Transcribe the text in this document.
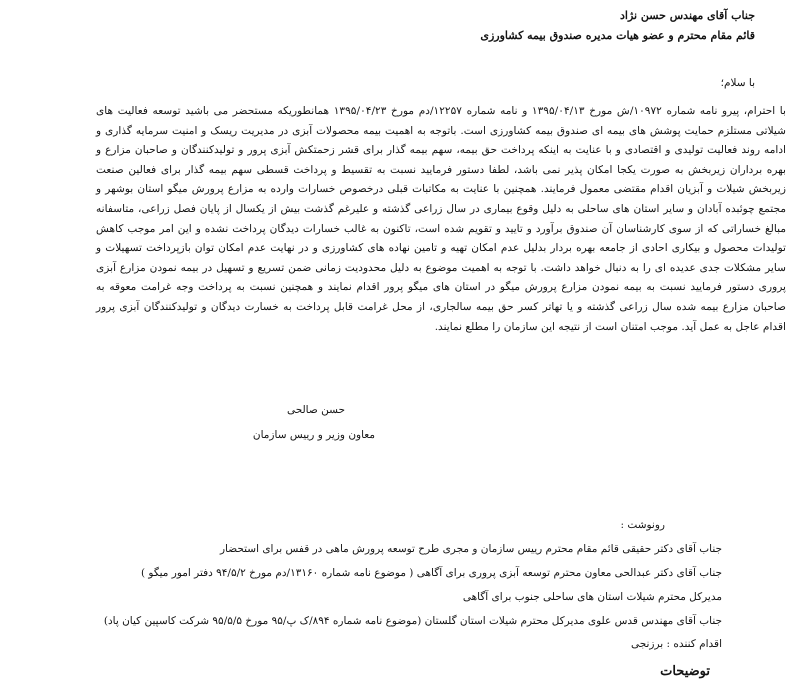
جناب آقای مهندس حسن نژاد
قائم مقام محترم و عضو هیات مدیره صندوق بیمه کشاورزی
با سلام؛
با احترام، پیرو نامه شماره ۱۰۹۷۲/ش مورخ ۱۳۹۵/۰۴/۱۳ و نامه شماره ۱۲۲۵۷/دم مورخ ۱۳۹۵/۰۴/۲۳ همانطوریکه مستحضر می باشید توسعه فعالیت های شیلاتی مستلزم حمایت پوشش های بیمه ای صندوق بیمه کشاورزی است. باتوجه به اهمیت بیمه محصولات آبزی در مدیریت ریسک و امنیت سرمایه گذاری و ادامه روند فعالیت تولیدی و اقتصادی و با عنایت به اینکه پرداخت حق بیمه، سهم بیمه گذار برای قشر زحمتکش آبزی پرور و تولیدکنندگان و صاحبان مزارع و بهره برداران زیربخش به صورت یکجا امکان پذیر نمی باشد، لطفا دستور فرمایید نسبت به تقسیط و پرداخت قسطی سهم بیمه گذار برای فعالین صنعت زیربخش شیلات و آبزیان اقدام مقتضی معمول فرمایند. همچنین با عنایت به مکاتبات قبلی درخصوص خسارات وارده به مزارع پرورش میگو استان بوشهر و مجتمع چوئبده آبادان و سایر استان های ساحلی به دلیل وقوع بیماری در سال زراعی گذشته و علیرغم گذشت بیش از یکسال از پایان فصل زراعی، متاسفانه مبالغ خساراتی که از سوی کارشناسان آن صندوق برآورد و تایید و تقویم شده است، تاکنون به غالب خسارات دیدگان پرداخت نشده و این امر موجب کاهش تولیدات محصول و بیکاری احادی از جامعه بهره بردار بدلیل عدم امکان تهیه و تامین نهاده های کشاورزی و در نهایت عدم امکان توان بازپرداخت تسهیلات و سایر مشکلات جدی عدیده ای را به دنبال خواهد داشت. با توجه به اهمیت موضوع به دلیل محدودیت زمانی ضمن تسریع و تسهیل در بیمه نمودن مزارع آبزی پروری دستور فرمایید نسبت به بیمه نمودن مزارع پرورش میگو در استان های میگو پرور اقدام نمایند و همچنین نسبت به پرداخت وجه غرامت معوقه به صاحبان مزارع بیمه شده سال زراعی گذشته و یا تهاتر کسر حق بیمه سالجاری، از محل غرامت قابل پرداخت به خسارت دیدگان و تولیدکنندگان آبزی پرور اقدام عاجل به عمل آید. موجب امتنان است از نتیجه این سازمان را مطلع نمایند.
حسن صالحی
معاون وزیر و رییس سازمان
رونوشت :
جناب آقای دکتر حقیقی قائم مقام محترم رییس سازمان و مجری طرح توسعه پرورش ماهی در قفس برای استحضار
جناب آقای دکتر عبدالحی معاون محترم توسعه آبزی پروری برای آگاهی ( موضوع نامه شماره ۱۳۱۶۰/دم مورخ ۹۴/۵/۲ دفتر امور میگو )
مدیرکل محترم شیلات استان های ساحلی جنوب برای آگاهی
جناب آقای مهندس قدس علوی مدیرکل محترم شیلات استان گلستان (موضوع نامه شماره ۸۹۴/ک پ/۹۵ مورخ ۹۵/۵/۵ شرکت کاسپین کیان پاد)
اقدام کننده : برزنجی
توضیحات
